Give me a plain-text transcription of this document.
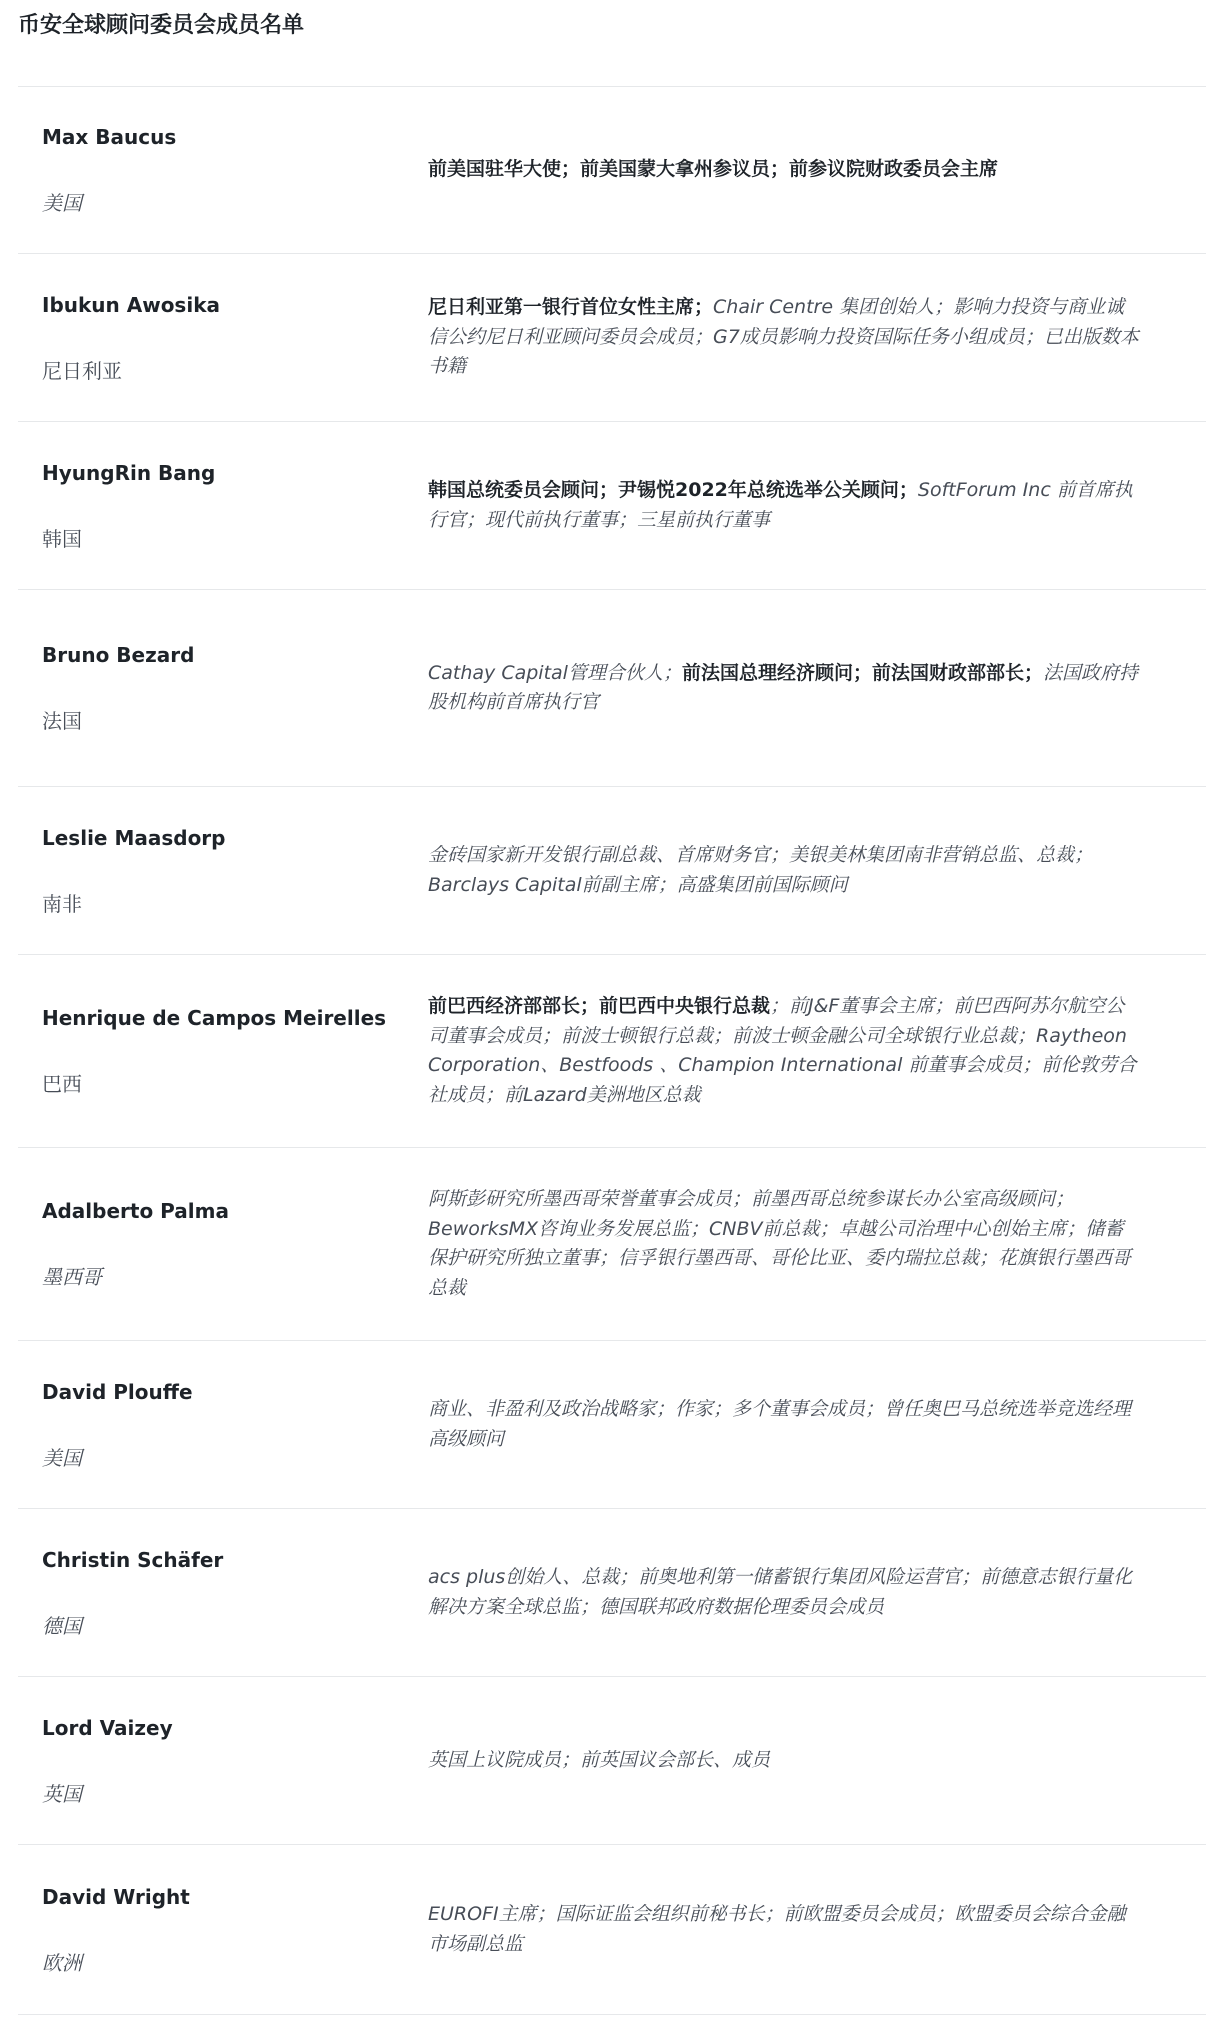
币安全球顾问委员会成员名单
Max Baucus
美国
前美国驻华大使；前美国蒙大拿州参议员；前参议院财政委员会主席
Ibukun Awosika
尼日利亚
尼日利亚第一银行首位女性主席；Chair Centre 集团创始人；影响力投资与商业诚信公约尼日利亚顾问委员会成员；G7成员影响力投资国际任务小组成员；已出版数本书籍
HyungRin Bang
韩国
韩国总统委员会顾问；尹锡悦2022年总统选举公关顾问；SoftForum Inc 前首席执行官；现代前执行董事；三星前执行董事
Bruno Bezard
法国
Cathay Capital管理合伙人；前法国总理经济顾问；前法国财政部部长；法国政府持股机构前首席执行官
Leslie Maasdorp
南非
金砖国家新开发银行副总裁、首席财务官；美银美林集团南非营销总监、总裁；Barclays Capital前副主席；高盛集团前国际顾问
Henrique de Campos Meirelles
巴西
前巴西经济部部长；前巴西中央银行总裁；前J&F董事会主席；前巴西阿苏尔航空公司董事会成员；前波士顿银行总裁；前波士顿金融公司全球银行业总裁；Raytheon Corporation、Bestfoods 、Champion International 前董事会成员；前伦敦劳合社成员；前Lazard美洲地区总裁
Adalberto Palma
墨西哥
阿斯彭研究所墨西哥荣誉董事会成员；前墨西哥总统参谋长办公室高级顾问；BeworksMX咨询业务发展总监；CNBV前总裁；卓越公司治理中心创始主席；储蓄保护研究所独立董事；信孚银行墨西哥、哥伦比亚、委内瑞拉总裁；花旗银行墨西哥总裁
David Plouffe
美国
商业、非盈利及政治战略家；作家；多个董事会成员；曾任奥巴马总统选举竞选经理高级顾问
Christin Schäfer
德国
acs plus创始人、总裁；前奥地利第一储蓄银行集团风险运营官；前德意志银行量化解决方案全球总监；德国联邦政府数据伦理委员会成员
Lord Vaizey
英国
英国上议院成员；前英国议会部长、成员
David Wright
欧洲
EUROFI主席；国际证监会组织前秘书长；前欧盟委员会成员；欧盟委员会综合金融市场副总监
